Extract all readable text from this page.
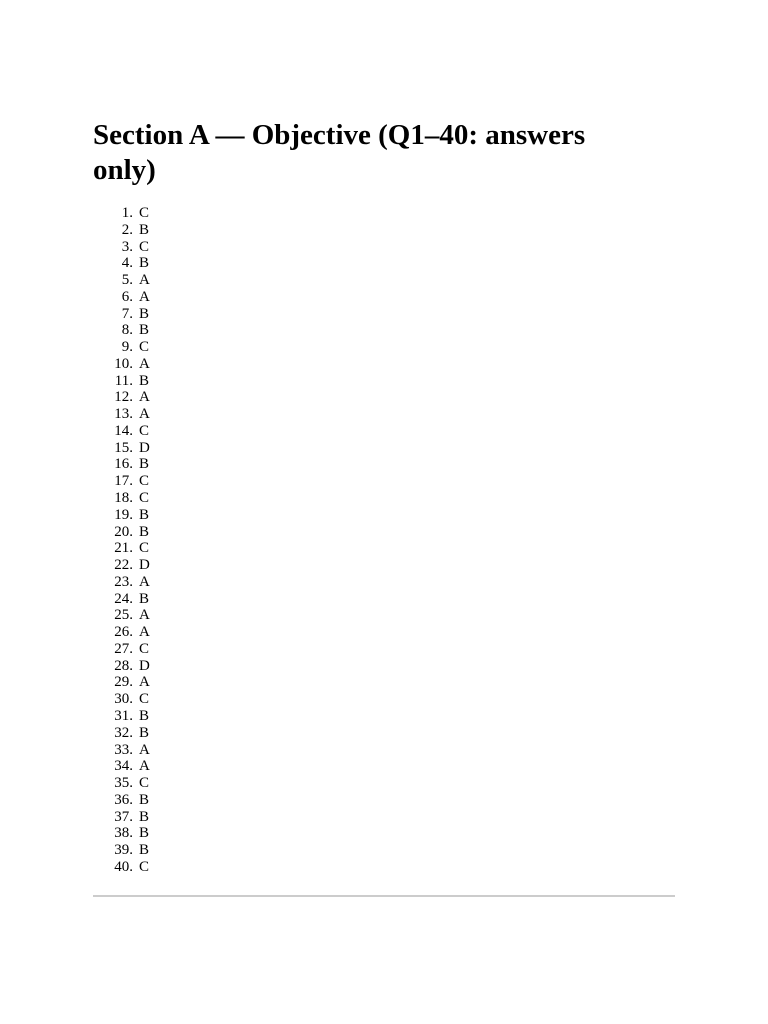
Section A — Objective (Q1–40: answers only)
1. C
2. B
3. C
4. B
5. A
6. A
7. B
8. B
9. C
10. A
11. B
12. A
13. A
14. C
15. D
16. B
17. C
18. C
19. B
20. B
21. C
22. D
23. A
24. B
25. A
26. A
27. C
28. D
29. A
30. C
31. B
32. B
33. A
34. A
35. C
36. B
37. B
38. B
39. B
40. C
